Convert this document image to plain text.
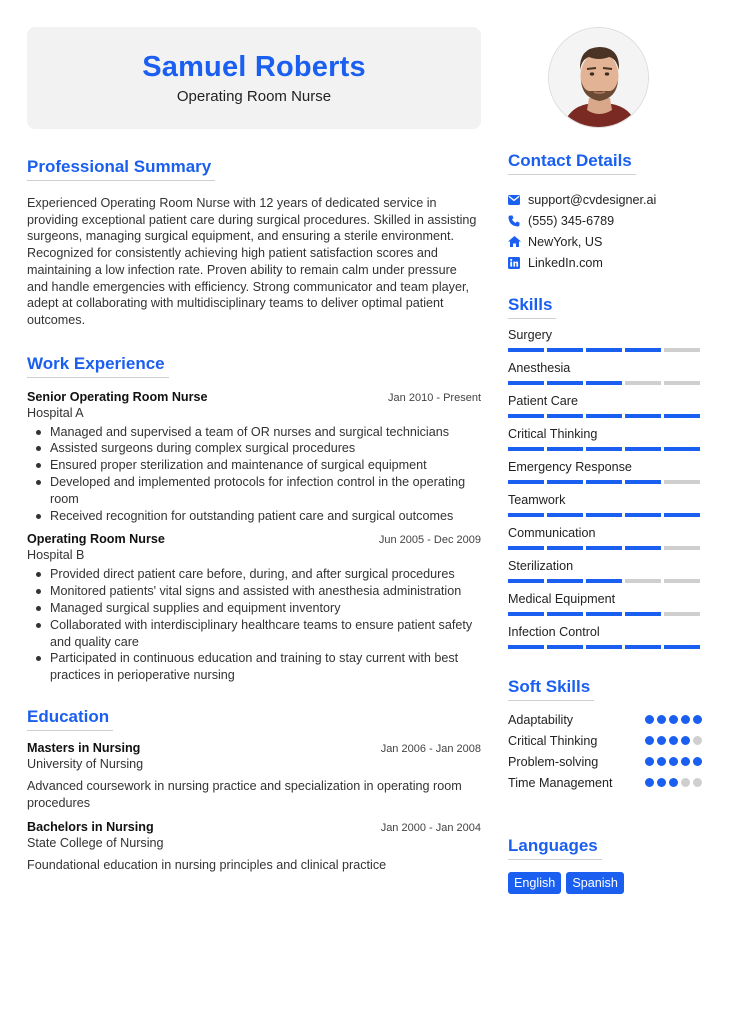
Samuel Roberts
Operating Room Nurse
Professional Summary

Experienced Operating Room Nurse with 12 years of dedicated service in providing exceptional patient care during surgical procedures. Skilled in assisting surgeons, managing surgical equipment, and ensuring a sterile environment. Recognized for consistently achieving high patient satisfaction scores and maintaining a low infection rate. Proven ability to remain calm under pressure and handle emergencies with efficiency. Strong communicator and team player, adept at collaborating with multidisciplinary teams to deliver optimal patient outcomes.

Work Experience
Senior Operating Room Nurse	Jan 2010 - Present
Hospital A
Managed and supervised a team of OR nurses and surgical technicians
Assisted surgeons during complex surgical procedures
Ensured proper sterilization and maintenance of surgical equipment
Developed and implemented protocols for infection control in the operating room
Received recognition for outstanding patient care and surgical outcomes
Operating Room Nurse	Jun 2005 - Dec 2009
Hospital B
Provided direct patient care before, during, and after surgical procedures
Monitored patients' vital signs and assisted with anesthesia administration
Managed surgical supplies and equipment inventory
Collaborated with interdisciplinary healthcare teams to ensure patient safety and quality care
Participated in continuous education and training to stay current with best practices in perioperative nursing
Education
Masters in Nursing	Jan 2006 - Jan 2008
University of Nursing

Advanced coursework in nursing practice and specialization in operating room procedures

Bachelors in Nursing	Jan 2000 - Jan 2004
State College of Nursing

Foundational education in nursing principles and clinical practice

Contact Details
support@cvdesigner.ai
(555) 345-6789
NewYork, US
LinkedIn.com
Skills
Surgery
Anesthesia
Patient Care
Critical Thinking
Emergency Response
Teamwork
Communication
Sterilization
Medical Equipment
Infection Control
Soft Skills
Adaptability
Critical Thinking
Problem-solving
Time Management
Languages
English	Spanish
